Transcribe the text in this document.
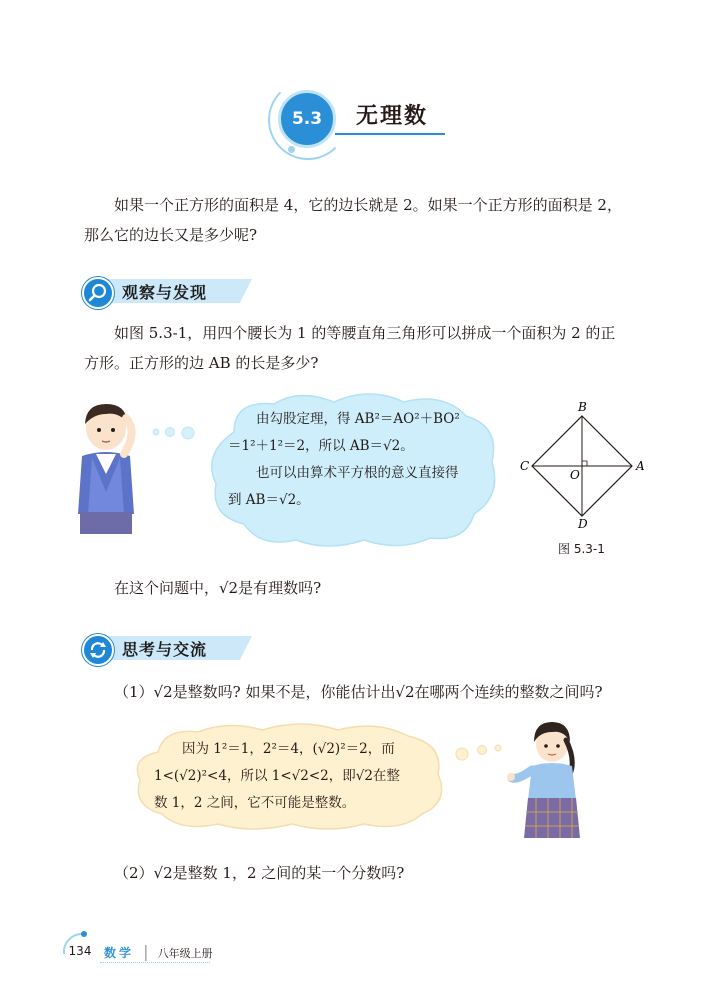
5.3	无理数

如果一个正方形的面积是 4，它的边长就是 2。如果一个正方形的面积是 2，

那么它的边长又是多少呢?

观察与发现

如图 5.3-1，用四个腰长为 1 的等腰直角三角形可以拼成一个面积为 2 的正

方形。正方形的边 AB 的长是多少?

由勾股定理，得 AB²＝AO²＋BO²
＝1²＋1²＝2，所以 AB＝√2。
也可以由算术平方根的意义直接得
到 AB＝√2。
B
A
C
D
O
图 5.3-1

在这个问题中，√2是有理数吗?

思考与交流

（1）√2是整数吗? 如果不是，你能估计出√2在哪两个连续的整数之间吗?

因为 1²＝1，2²＝4，(√2)²＝2，而
1<(√2)²<4，所以 1<√2<2，即√2在整
数 1，2 之间，它不可能是整数。

（2）√2是整数 1，2 之间的某一个分数吗?

134 数学 | 八年级上册
